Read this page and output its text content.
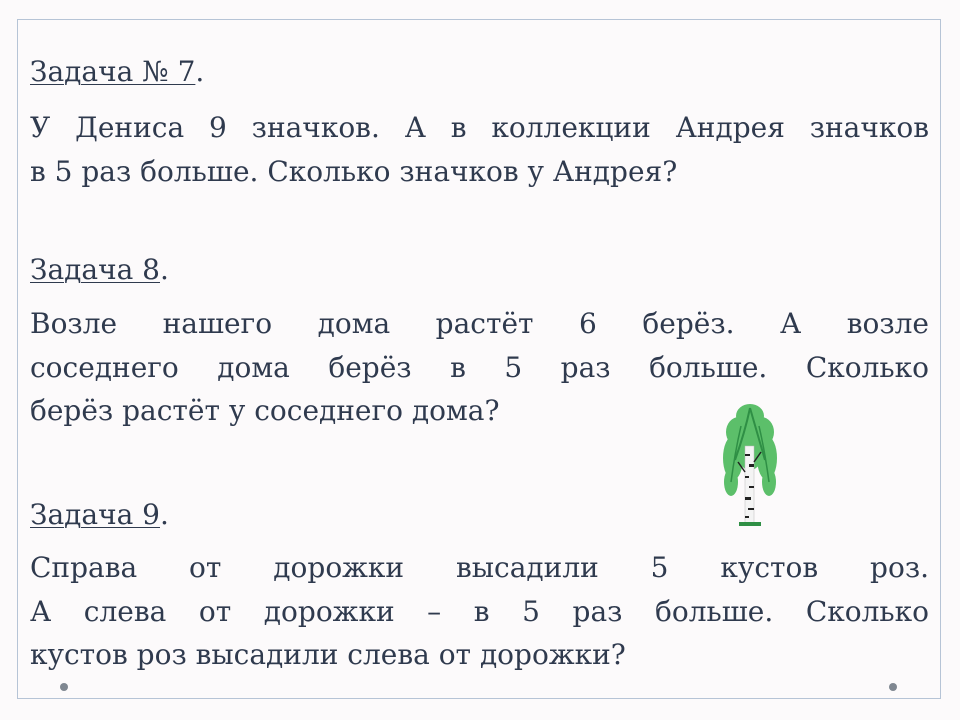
Задача № 7.
У Дениса 9 значков. А в коллекции Андрея значков
в 5 раз больше. Сколько значков у Андрея?
Задача 8.
Возле нашего дома растёт 6 берёз. А возле
соседнего дома берёз в 5 раз больше. Сколько
берёз растёт у соседнего дома?
Задача 9.
Справа от дорожки высадили 5 кустов роз.
А слева от дорожки – в 5 раз больше. Сколько
кустов роз высадили слева от дорожки?
